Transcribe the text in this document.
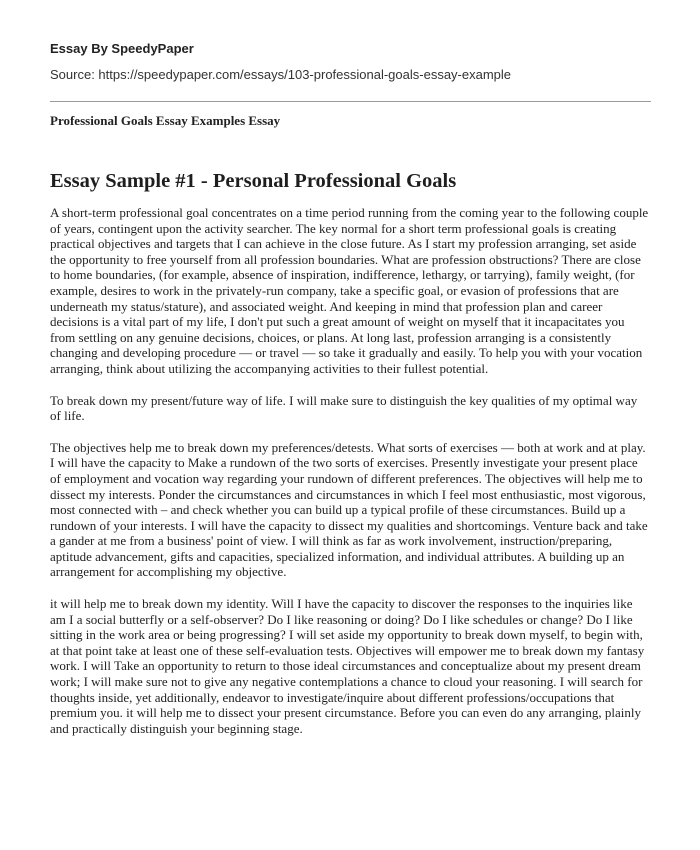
Essay By SpeedyPaper
Source: https://speedypaper.com/essays/103-professional-goals-essay-example
Professional Goals Essay Examples Essay
Essay Sample #1 - Personal Professional Goals

A short-term professional goal concentrates on a time period running from the coming year to the following couple of years, contingent upon the activity searcher. The key normal for a short term professional goals is creating practical objectives and targets that I can achieve in the close future. As I start my profession arranging, set aside the opportunity to free yourself from all profession boundaries. What are profession obstructions? There are close to home boundaries, (for example, absence of inspiration, indifference, lethargy, or tarrying), family weight, (for example, desires to work in the privately-run company, take a specific goal, or evasion of professions that are underneath my status/stature), and associated weight. And keeping in mind that profession plan and career decisions is a vital part of my life, I don't put such a great amount of weight on myself that it incapacitates you from settling on any genuine decisions, choices, or plans. At long last, profession arranging is a consistently changing and developing procedure — or travel — so take it gradually and easily. To help you with your vocation arranging, think about utilizing the accompanying activities to their fullest potential.

To break down my present/future way of life. I will make sure to distinguish the key qualities of my optimal way of life.

The objectives help me to break down my preferences/detests. What sorts of exercises — both at work and at play. I will have the capacity to Make a rundown of the two sorts of exercises. Presently investigate your present place of employment and vocation way regarding your rundown of different preferences. The objectives will help me to dissect my interests. Ponder the circumstances and circumstances in which I feel most enthusiastic, most vigorous, most connected with – and check whether you can build up a typical profile of these circumstances. Build up a rundown of your interests. I will have the capacity to dissect my qualities and shortcomings. Venture back and take a gander at me from a business' point of view. I will think as far as work involvement, instruction/preparing, aptitude advancement, gifts and capacities, specialized information, and individual attributes. A building up an arrangement for accomplishing my objective.

it will help me to break down my identity. Will I have the capacity to discover the responses to the inquiries like am I a social butterfly or a self-observer? Do I like reasoning or doing? Do I like schedules or change? Do I like sitting in the work area or being progressing? I will set aside my opportunity to break down myself, to begin with, at that point take at least one of these self-evaluation tests. Objectives will empower me to break down my fantasy work. I will Take an opportunity to return to those ideal circumstances and conceptualize about my present dream work; I will make sure not to give any negative contemplations a chance to cloud your reasoning. I will search for thoughts inside, yet additionally, endeavor to investigate/inquire about different professions/occupations that premium you. it will help me to dissect your present circumstance. Before you can even do any arranging, plainly and practically distinguish your beginning stage.
